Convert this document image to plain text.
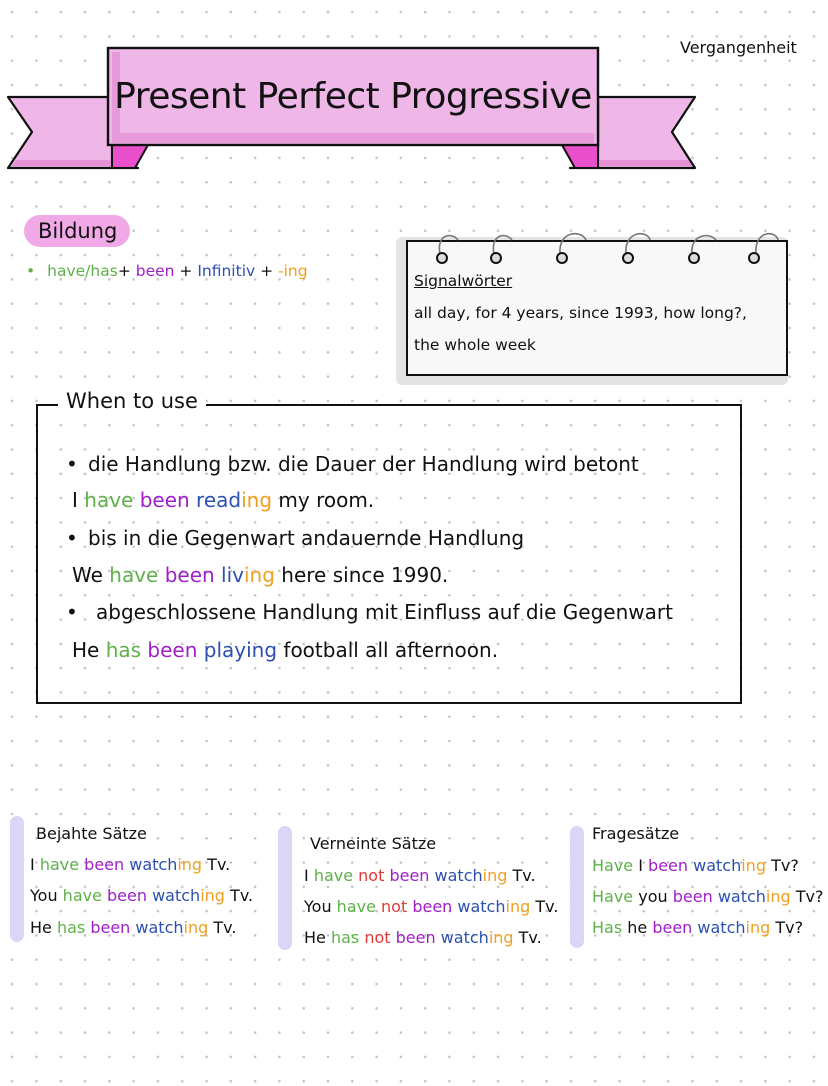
Present Perfect Progressive
Vergangenheit
Bildung
• have/has+ been + Infinitiv + -ing
Signalwörter
all day, for 4 years, since 1993, how long?,
the whole week
When to use
• die Handlung bzw. die Dauer der Handlung wird betont
I have been reading my room.
• bis in die Gegenwart andauernde Handlung
We have been living here since 1990.
• abgeschlossene Handlung mit Einfluss auf die Gegenwart
He has been playing football all afternoon.
Bejahte Sätze
I have been watching Tv.
You have been watching Tv.
He has been watching Tv.
Verneinte Sätze
I have not been watching Tv.
You have not been watching Tv.
He has not been watching Tv.
Fragesätze
Have I been watching Tv?
Have you been watching Tv?
Has he been watching Tv?
